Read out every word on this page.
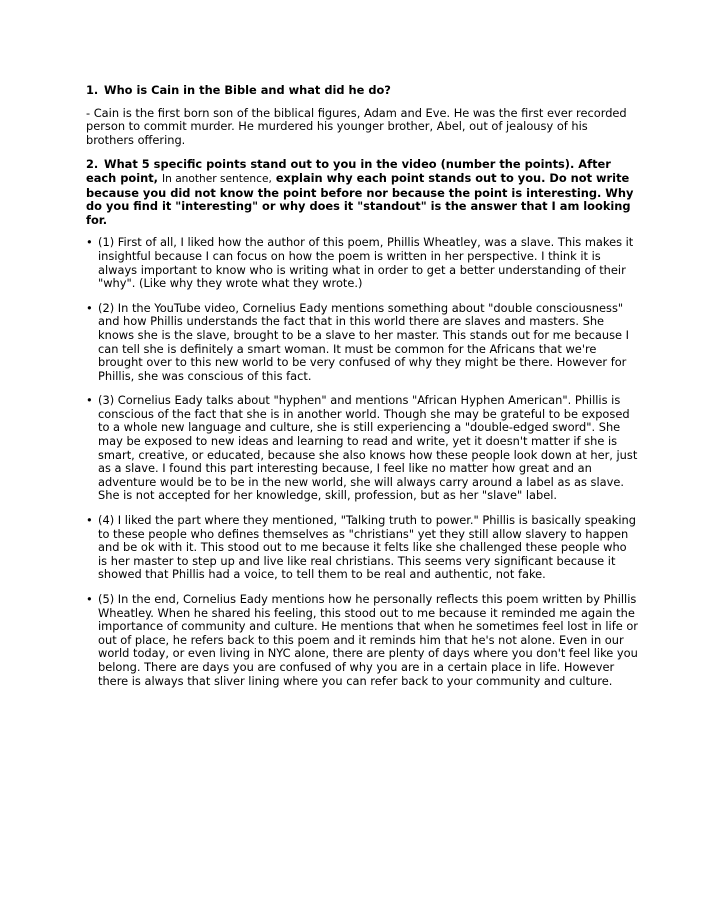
1. Who is Cain in the Bible and what did he do?

- Cain is the first born son of the biblical figures, Adam and Eve. He was the first ever recorded person to commit murder. He murdered his younger brother, Abel, out of jealousy of his brothers offering.

2. What 5 specific points stand out to you in the video (number the points). After each point, In another sentence, explain why each point stands out to you. Do not write because you did not know the point before nor because the point is interesting. Why do you find it "interesting" or why does it "standout" is the answer that I am looking for.
• (1) First of all, I liked how the author of this poem, Phillis Wheatley, was a slave. This makes it insightful because I can focus on how the poem is written in her perspective. I think it is always important to know who is writing what in order to get a better understanding of their "why". (Like why they wrote what they wrote.)
• (2) In the YouTube video, Cornelius Eady mentions something about "double consciousness" and how Phillis understands the fact that in this world there are slaves and masters. She knows she is the slave, brought to be a slave to her master. This stands out for me because I can tell she is definitely a smart woman. It must be common for the Africans that we're brought over to this new world to be very confused of why they might be there. However for Phillis, she was conscious of this fact.
• (3) Cornelius Eady talks about "hyphen" and mentions "African Hyphen American". Phillis is conscious of the fact that she is in another world. Though she may be grateful to be exposed to a whole new language and culture, she is still experiencing a "double-edged sword". She may be exposed to new ideas and learning to read and write, yet it doesn't matter if she is smart, creative, or educated, because she also knows how these people look down at her, just as a slave. I found this part interesting because, I feel like no matter how great and an adventure would be to be in the new world, she will always carry around a label as as slave. She is not accepted for her knowledge, skill, profession, but as her "slave" label.
• (4) I liked the part where they mentioned, "Talking truth to power." Phillis is basically speaking to these people who defines themselves as "christians" yet they still allow slavery to happen and be ok with it. This stood out to me because it felts like she challenged these people who is her master to step up and live like real christians. This seems very significant because it showed that Phillis had a voice, to tell them to be real and authentic, not fake.
• (5) In the end, Cornelius Eady mentions how he personally reflects this poem written by Phillis Wheatley. When he shared his feeling, this stood out to me because it reminded me again the importance of community and culture. He mentions that when he sometimes feel lost in life or out of place, he refers back to this poem and it reminds him that he's not alone. Even in our world today, or even living in NYC alone, there are plenty of days where you don't feel like you belong. There are days you are confused of why you are in a certain place in life. However there is always that sliver lining where you can refer back to your community and culture.
